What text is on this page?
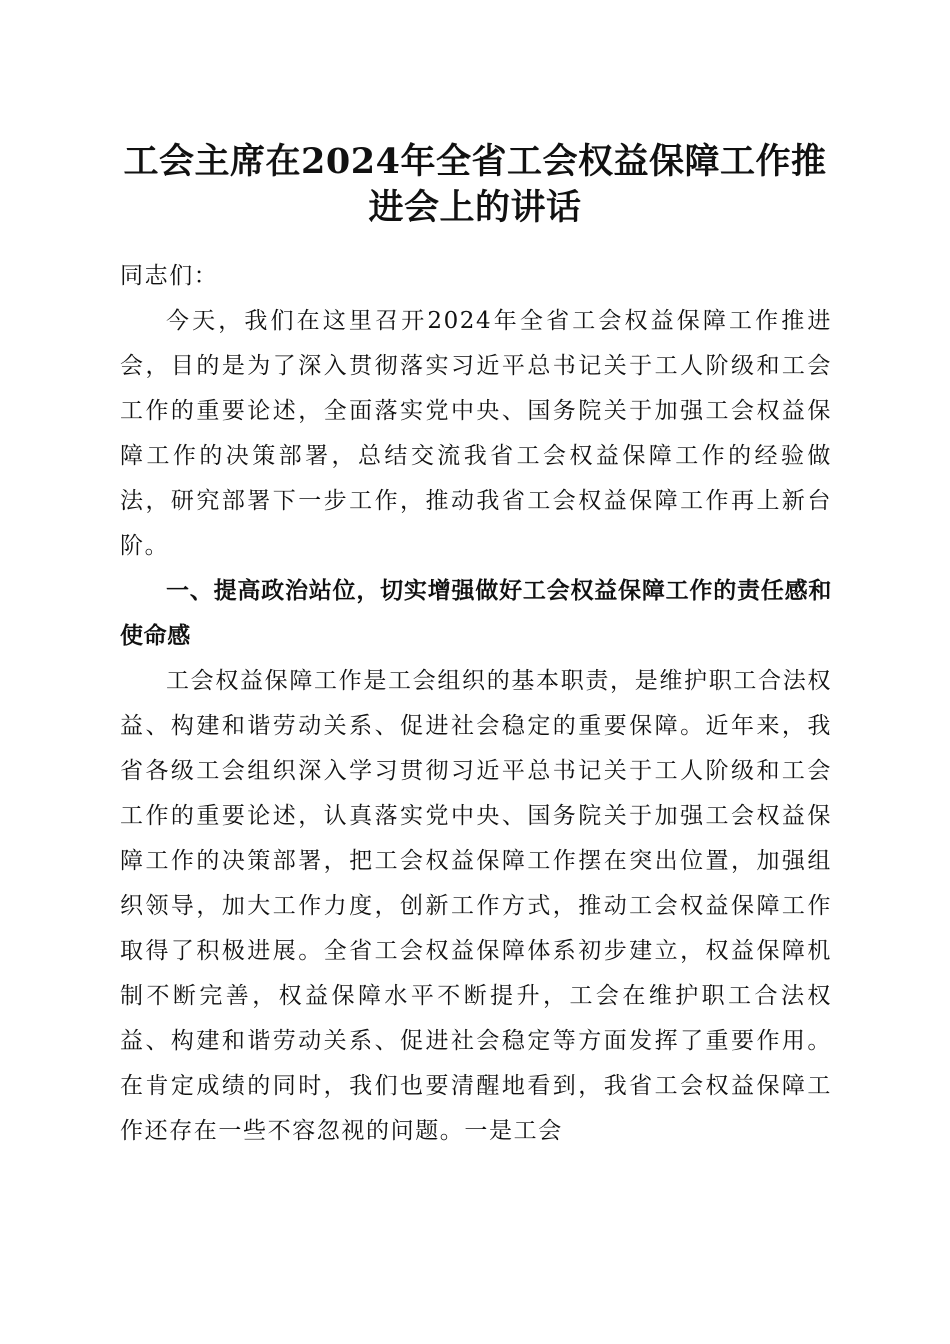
工会主席在2024年全省工会权益保障工作推
进会上的讲话

同志们：

今天，我们在这里召开2024年全省工会权益保障工作推进会，目的是为了深入贯彻落实习近平总书记关于工人阶级和工会工作的重要论述，全面落实党中央、国务院关于加强工会权益保障工作的决策部署，总结交流我省工会权益保障工作的经验做法，研究部署下一步工作，推动我省工会权益保障工作再上新台阶。

一、提高政治站位，切实增强做好工会权益保障工作的责任感和使命感

工会权益保障工作是工会组织的基本职责，是维护职工合法权益、构建和谐劳动关系、促进社会稳定的重要保障。近年来，我省各级工会组织深入学习贯彻习近平总书记关于工人阶级和工会工作的重要论述，认真落实党中央、国务院关于加强工会权益保障工作的决策部署，把工会权益保障工作摆在突出位置，加强组织领导，加大工作力度，创新工作方式，推动工会权益保障工作取得了积极进展。全省工会权益保障体系初步建立，权益保障机制不断完善，权益保障水平不断提升，工会在维护职工合法权益、构建和谐劳动关系、促进社会稳定等方面发挥了重要作用。在肯定成绩的同时，我们也要清醒地看到，我省工会权益保障工作还存在一些不容忽视的问题。一是工会
